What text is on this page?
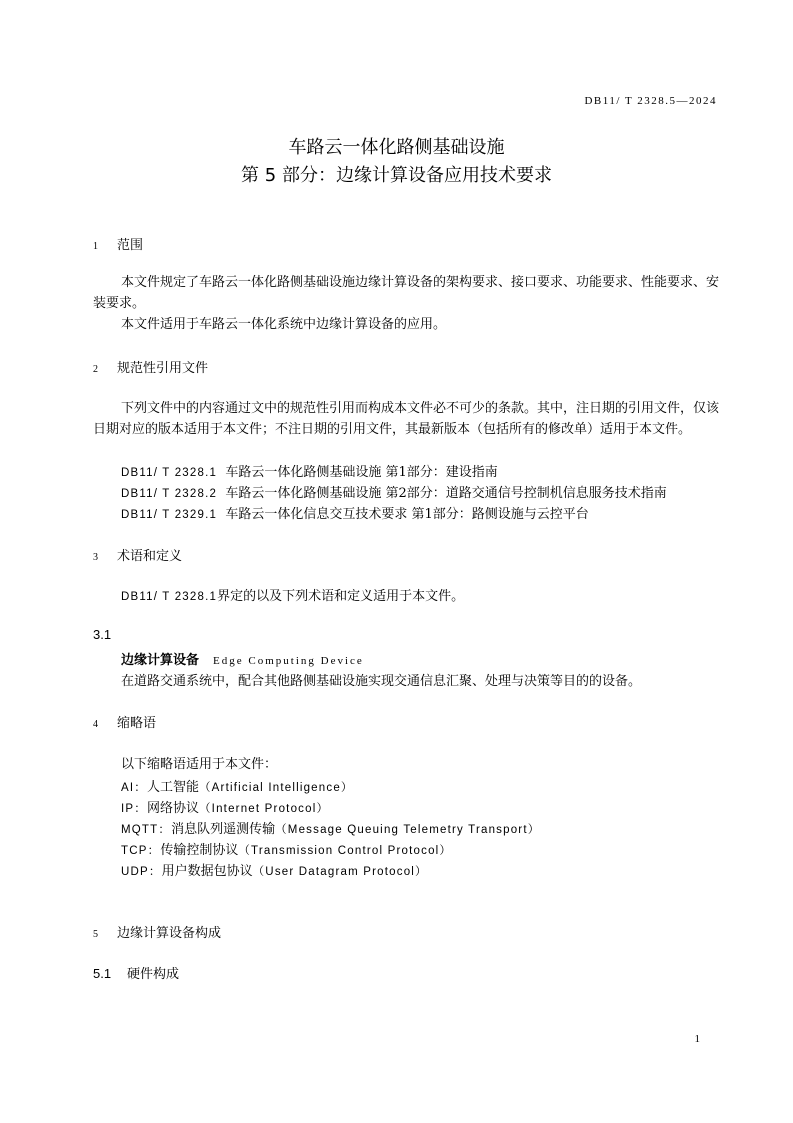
DB11/ T 2328.5—2024
车路云一体化路侧基础设施
第 5 部分：边缘计算设备应用技术要求
1 范围
本文件规定了车路云一体化路侧基础设施边缘计算设备的架构要求、接口要求、功能要求、性能要求、安装要求。
本文件适用于车路云一体化系统中边缘计算设备的应用。
2 规范性引用文件
下列文件中的内容通过文中的规范性引用而构成本文件必不可少的条款。其中，注日期的引用文件，仅该日期对应的版本适用于本文件；不注日期的引用文件，其最新版本（包括所有的修改单）适用于本文件。
DB11/ T 2328.1 车路云一体化路侧基础设施 第1部分：建设指南
DB11/ T 2328.2 车路云一体化路侧基础设施 第2部分：道路交通信号控制机信息服务技术指南
DB11/ T 2329.1 车路云一体化信息交互技术要求 第1部分：路侧设施与云控平台
3 术语和定义
DB11/ T 2328.1界定的以及下列术语和定义适用于本文件。
3.1
边缘计算设备 Edge Computing Device
在道路交通系统中，配合其他路侧基础设施实现交通信息汇聚、处理与决策等目的的设备。
4 缩略语
以下缩略语适用于本文件：
AI：人工智能（Artificial Intelligence）
IP：网络协议（Internet Protocol）
MQTT：消息队列遥测传输（Message Queuing Telemetry Transport）
TCP：传输控制协议（Transmission Control Protocol）
UDP：用户数据包协议（User Datagram Protocol）
5 边缘计算设备构成
5.1 硬件构成
1
